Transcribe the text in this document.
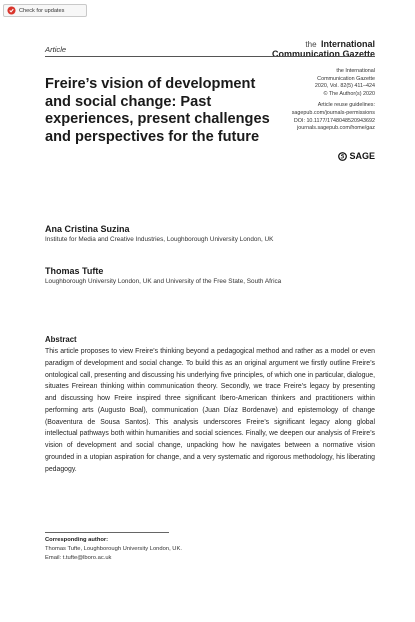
Check for updates
Article
the International
Communication Gazette
Freire’s vision of development and social change: Past experiences, present challenges and perspectives for the future
the International
Communication Gazette
2020, Vol. 82(5) 411–424
© The Author(s) 2020
Article reuse guidelines:
sagepub.com/journals-permissions
DOI: 10.1177/1748048520943692
journals.sagepub.com/home/gaz
SAGE
Ana Cristina Suzina
Institute for Media and Creative Industries, Loughborough University London, UK
Thomas Tufte
Loughborough University London, UK and University of the Free State, South Africa
Abstract

This article proposes to view Freire’s thinking beyond a pedagogical method and rather as a model or even paradigm of development and social change. To build this as an original argument we firstly outline Freire’s ontological call, presenting and discussing his underlying five principles, of which one in particular, dialogue, situates Freirean thinking within communication theory. Secondly, we trace Freire’s legacy by presenting and discussing how Freire inspired three significant Ibero-American thinkers and practitioners within performing arts (Augusto Boal), communication (Juan Díaz Bordenave) and epistemology of change (Boaventura de Sousa Santos). This analysis underscores Freire’s significant legacy along global intellectual pathways both within humanities and social sciences. Finally, we deepen our analysis of Freire’s vision of development and social change, unpacking how he navigates between a normative vision grounded in a utopian aspiration for change, and a very systematic and rigorous methodology, his liberating pedagogy.

Corresponding author:
Thomas Tufte, Loughborough University London, UK.
Email: t.tufte@lboro.ac.uk
